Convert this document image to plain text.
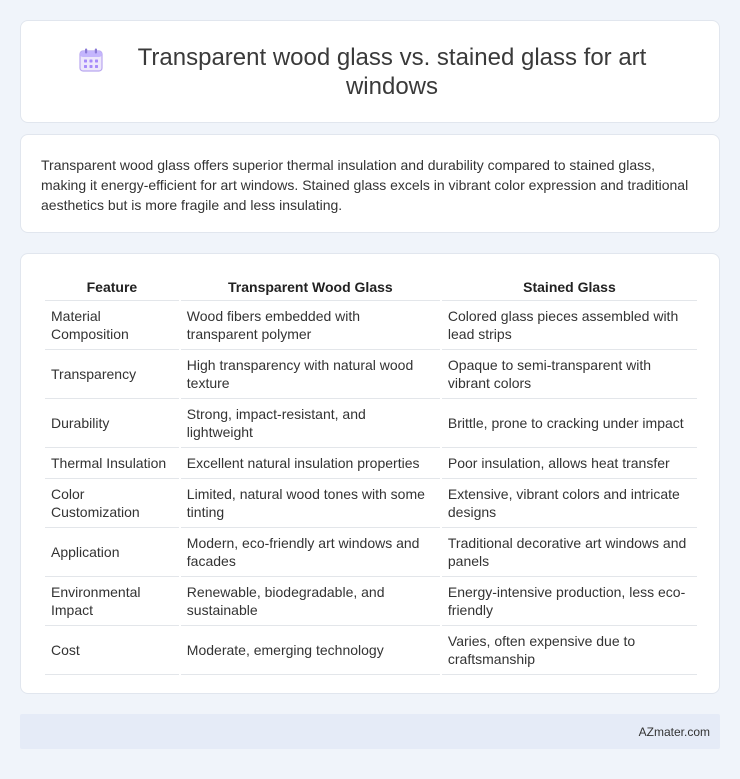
Transparent wood glass vs. stained glass for art windows

Transparent wood glass offers superior thermal insulation and durability compared to stained glass, making it energy-efficient for art windows. Stained glass excels in vibrant color expression and traditional aesthetics but is more fragile and less insulating.

Feature	Transparent Wood Glass	Stained Glass
Material Composition	Wood fibers embedded with transparent polymer	Colored glass pieces assembled with lead strips
Transparency	High transparency with natural wood texture	Opaque to semi-transparent with vibrant colors
Durability	Strong, impact-resistant, and lightweight	Brittle, prone to cracking under impact
Thermal Insulation	Excellent natural insulation properties	Poor insulation, allows heat transfer
Color Customization	Limited, natural wood tones with some tinting	Extensive, vibrant colors and intricate designs
Application	Modern, eco-friendly art windows and facades	Traditional decorative art windows and panels
Environmental Impact	Renewable, biodegradable, and sustainable	Energy-intensive production, less eco-friendly
Cost	Moderate, emerging technology	Varies, often expensive due to craftsmanship
AZmater.com
